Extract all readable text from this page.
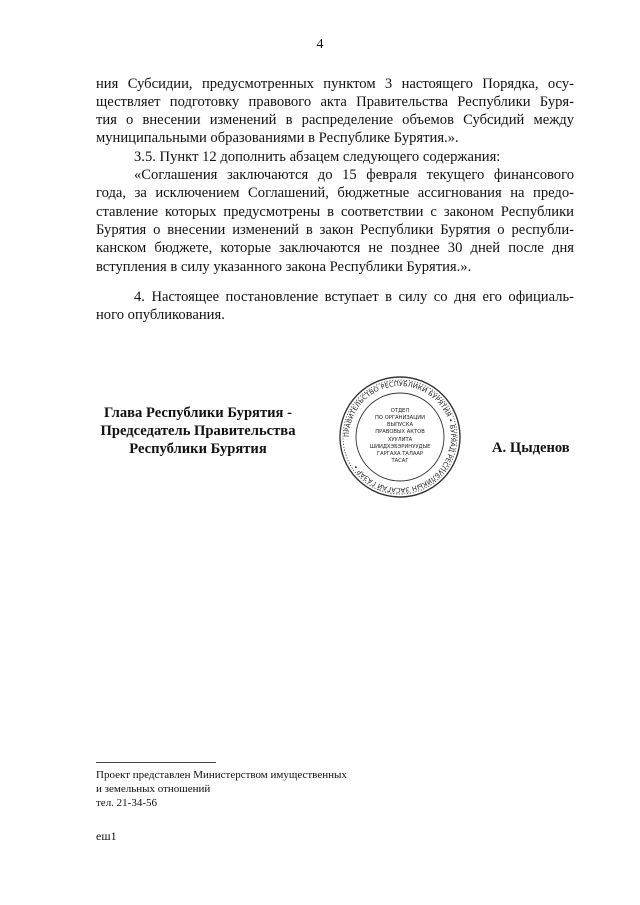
4
ния Субсидии, предусмотренных пунктом 3 настоящего Порядка, осу-
ществляет подготовку правового акта Правительства Республики Буря-
тия о внесении изменений в распределение объемов Субсидий между
муниципальными образованиями в Республике Бурятия.».
3.5. Пункт 12 дополнить абзацем следующего содержания:
«Соглашения заключаются до 15 февраля текущего финансового
года, за исключением Соглашений, бюджетные ассигнования на предо-
ставление которых предусмотрены в соответствии с законом Республики
Бурятия о внесении изменений в закон Республики Бурятия о республи-
канском бюджете, которые заключаются не позднее 30 дней после дня
вступления в силу указанного закона Республики Бурятия.».
4. Настоящее постановление вступает в силу со дня его официаль-
ного опубликования.
Глава Республики Бурятия -
Председатель Правительства
Республики Бурятия
ПРАВИТЕЛЬСТВО РЕСПУБЛИКИ БУРЯТИЯ • БУРЯАД РЕСПУБЛИКЫН ЗАСАГАЙ ГАЗАР •
ОТДЕЛ
ПО ОРГАНИЗАЦИИ
ВЫПУСКА
ПРАВОВЫХ АКТОВ
ХУУЛИТА
ШИИДХЭБЭРИНУУДЫЕ
ГАРГАХА ТАЛААР
ТАСАГ
А. Цыденов
Проект представлен Министерством имущественных
и земельных отношений
тел. 21-34-56
еш1
